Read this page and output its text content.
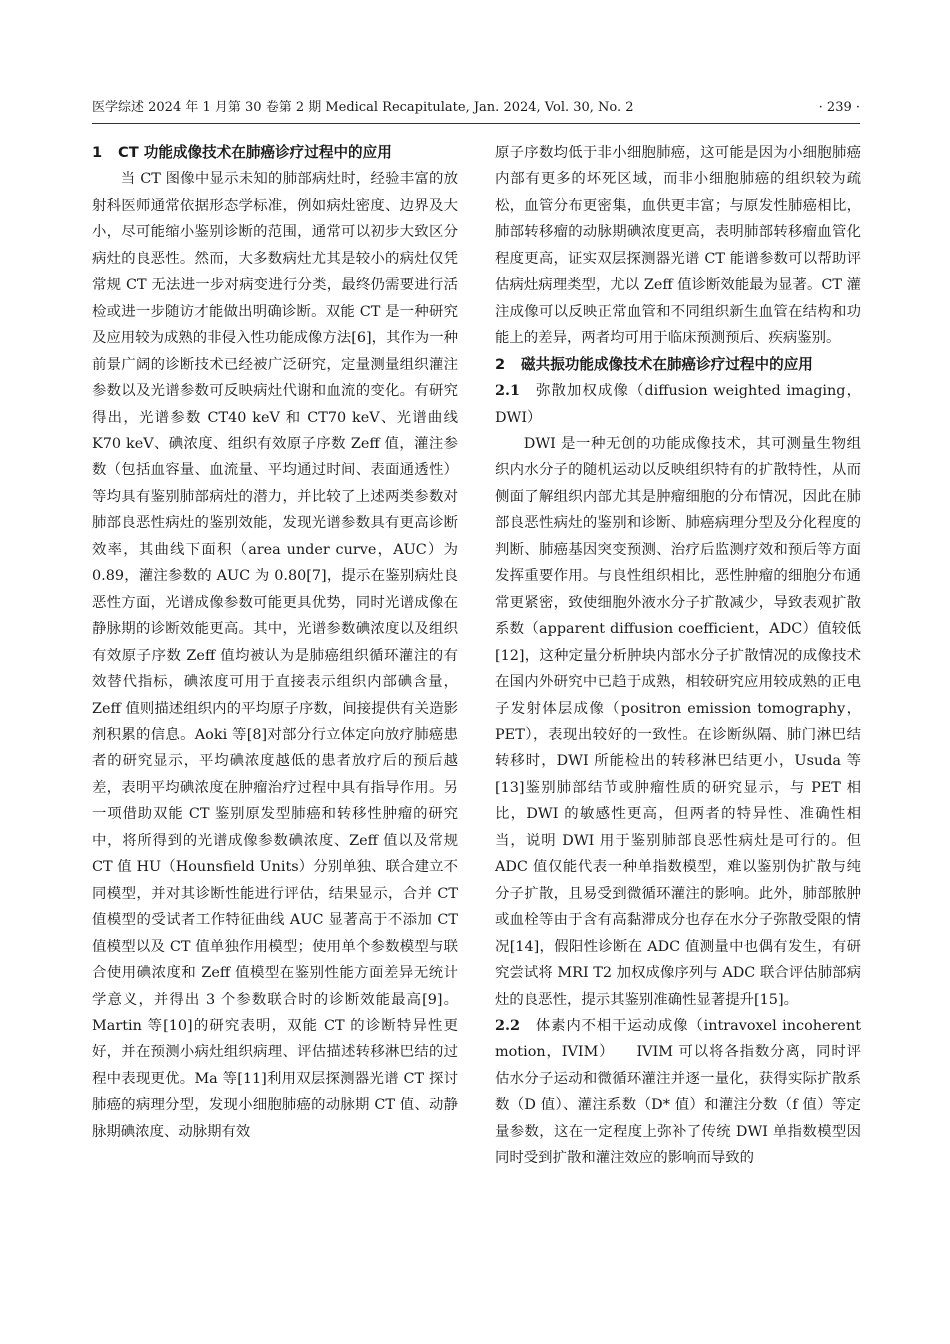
医学综述 2024 年 1 月第 30 卷第 2 期 Medical Recapitulate, Jan. 2024, Vol. 30, No. 2	· 239 ·
1 CT 功能成像技术在肺癌诊疗过程中的应用

当 CT 图像中显示未知的肺部病灶时，经验丰富的放射科医师通常依据形态学标准，例如病灶密度、边界及大小，尽可能缩小鉴别诊断的范围，通常可以初步大致区分病灶的良恶性。然而，大多数病灶尤其是较小的病灶仅凭常规 CT 无法进一步对病变进行分类，最终仍需要进行活检或进一步随访才能做出明确诊断。双能 CT 是一种研究及应用较为成熟的非侵入性功能成像方法[6]，其作为一种前景广阔的诊断技术已经被广泛研究，定量测量组织灌注参数以及光谱参数可反映病灶代谢和血流的变化。有研究得出，光谱参数 CT40 keV 和 CT70 keV、光谱曲线 K70 keV、碘浓度、组织有效原子序数 Zeff 值，灌注参数（包括血容量、血流量、平均通过时间、表面通透性）等均具有鉴别肺部病灶的潜力，并比较了上述两类参数对肺部良恶性病灶的鉴别效能，发现光谱参数具有更高诊断效率，其曲线下面积（area under curve，AUC）为 0.89，灌注参数的 AUC 为 0.80[7]，提示在鉴别病灶良恶性方面，光谱成像参数可能更具优势，同时光谱成像在静脉期的诊断效能更高。其中，光谱参数碘浓度以及组织有效原子序数 Zeff 值均被认为是肺癌组织循环灌注的有效替代指标，碘浓度可用于直接表示组织内部碘含量，Zeff 值则描述组织内的平均原子序数，间接提供有关造影剂积累的信息。Aoki 等[8]对部分行立体定向放疗肺癌患者的研究显示，平均碘浓度越低的患者放疗后的预后越差，表明平均碘浓度在肿瘤治疗过程中具有指导作用。另一项借助双能 CT 鉴别原发型肺癌和转移性肿瘤的研究中，将所得到的光谱成像参数碘浓度、Zeff 值以及常规 CT 值 HU（Hounsfield Units）分别单独、联合建立不同模型，并对其诊断性能进行评估，结果显示，合并 CT 值模型的受试者工作特征曲线 AUC 显著高于不添加 CT 值模型以及 CT 值单独作用模型；使用单个参数模型与联合使用碘浓度和 Zeff 值模型在鉴别性能方面差异无统计学意义，并得出 3 个参数联合时的诊断效能最高[9]。Martin 等[10]的研究表明，双能 CT 的诊断特异性更好，并在预测小病灶组织病理、评估描述转移淋巴结的过程中表现更优。Ma 等[11]利用双层探测器光谱 CT 探讨肺癌的病理分型，发现小细胞肺癌的动脉期 CT 值、动静脉期碘浓度、动脉期有效

原子序数均低于非小细胞肺癌，这可能是因为小细胞肺癌内部有更多的坏死区域，而非小细胞肺癌的组织较为疏松，血管分布更密集，血供更丰富；与原发性肺癌相比，肺部转移瘤的动脉期碘浓度更高，表明肺部转移瘤血管化程度更高，证实双层探测器光谱 CT 能谱参数可以帮助评估病灶病理类型，尤以 Zeff 值诊断效能最为显著。CT 灌注成像可以反映正常血管和不同组织新生血管在结构和功能上的差异，两者均可用于临床预测预后、疾病鉴别。

2 磁共振功能成像技术在肺癌诊疗过程中的应用
2.1 弥散加权成像（diffusion weighted imaging，DWI）

DWI 是一种无创的功能成像技术，其可测量生物组织内水分子的随机运动以反映组织特有的扩散特性，从而侧面了解组织内部尤其是肿瘤细胞的分布情况，因此在肺部良恶性病灶的鉴别和诊断、肺癌病理分型及分化程度的判断、肺癌基因突变预测、治疗后监测疗效和预后等方面发挥重要作用。与良性组织相比，恶性肿瘤的细胞分布通常更紧密，致使细胞外液水分子扩散减少，导致表观扩散系数（apparent diffusion coefficient，ADC）值较低[12]，这种定量分析肿块内部水分子扩散情况的成像技术在国内外研究中已趋于成熟，相较研究应用较成熟的正电子发射体层成像（positron emission tomography，PET），表现出较好的一致性。在诊断纵隔、肺门淋巴结转移时，DWI 所能检出的转移淋巴结更小，Usuda 等[13]鉴别肺部结节或肿瘤性质的研究显示，与 PET 相比，DWI 的敏感性更高，但两者的特异性、准确性相当，说明 DWI 用于鉴别肺部良恶性病灶是可行的。但 ADC 值仅能代表一种单指数模型，难以鉴别伪扩散与纯分子扩散，且易受到微循环灌注的影响。此外，肺部脓肿或血栓等由于含有高黏滞成分也存在水分子弥散受限的情况[14]，假阳性诊断在 ADC 值测量中也偶有发生，有研究尝试将 MRI T2 加权成像序列与 ADC 联合评估肺部病灶的良恶性，提示其鉴别准确性显著提升[15]。

2.2 体素内不相干运动成像（intravoxel incoherent motion，IVIM） IVIM 可以将各指数分离，同时评估水分子运动和微循环灌注并逐一量化，获得实际扩散系数（D 值）、灌注系数（D* 值）和灌注分数（f 值）等定量参数，这在一定程度上弥补了传统 DWI 单指数模型因同时受到扩散和灌注效应的影响而导致的
